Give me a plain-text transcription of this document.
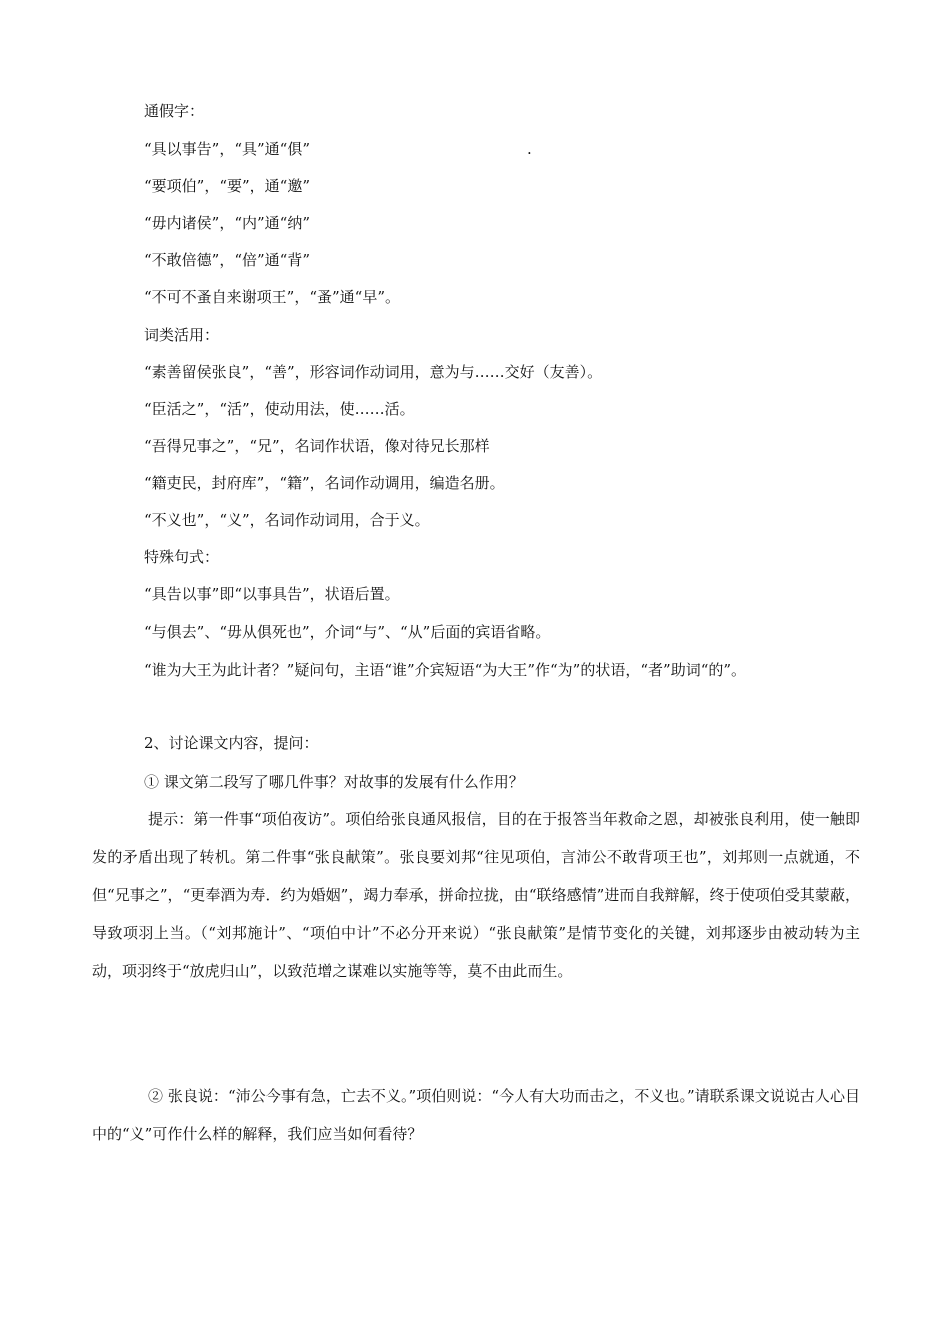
通假字：
“具以事告”，“具”通“俱”	.
“要项伯”，“要”，通“邀”
“毋内诸侯”，“内”通“纳”
“不敢倍德”，“倍”通“背”
“不可不蚤自来谢项王”，“蚤”通“早”。
词类活用：
“素善留侯张良”，“善”，形容词作动词用，意为与……交好（友善）。
“臣活之”，“活”，使动用法，使……活。
“吾得兄事之”，“兄”，名词作状语，像对待兄长那样
“籍吏民，封府库”，“籍”，名词作动调用，编造名册。
“不义也”，“义”，名词作动词用，合于义。
特殊句式：
“具告以事”即“以事具告”，状语后置。
“与俱去”、“毋从俱死也”，介词“与”、“从”后面的宾语省略。
“谁为大王为此计者？”疑问句，主语“谁”介宾短语“为大王”作“为”的状语，“者”助词“的”。
2、讨论课文内容，提问：
① 课文第二段写了哪几件事？对故事的发展有什么作用？
提示：第一件事“项伯夜访”。项伯给张良通风报信，目的在于报答当年救命之恩，却被张良利用，使一触即发的矛盾出现了转机。第二件事“张良献策”。张良要刘邦“往见项伯，言沛公不敢背项王也”，刘邦则一点就通，不但“兄事之”，“更奉酒为寿．约为婚姻”，竭力奉承，拼命拉拢，由“联络感情”进而自我辩解，终于使项伯受其蒙蔽，导致项羽上当。（“刘邦施计”、“项伯中计”不必分开来说）“张良献策”是情节变化的关键，刘邦逐步由被动转为主动，项羽终于“放虎归山”，以致范增之谋难以实施等等，莫不由此而生。
② 张良说：“沛公今事有急，亡去不义。”项伯则说：“今人有大功而击之，不义也。”请联系课文说说古人心目中的“义”可作什么样的解释，我们应当如何看待？
